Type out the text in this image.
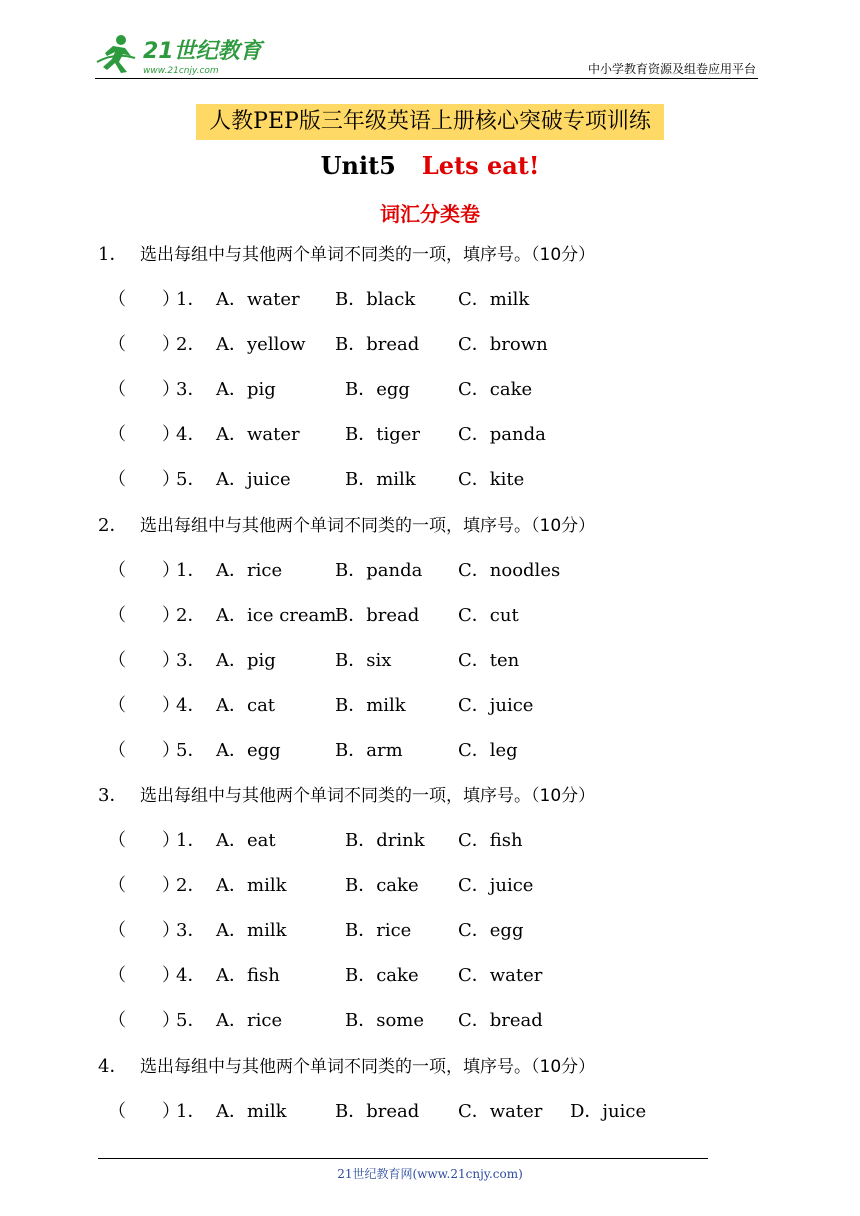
21世纪教育
www.21cnjy.com	中小学教育资源及组卷应用平台
人教PEP版三年级英语上册核心突破专项训练
Unit5 Lets eat!
词汇分类卷
1． 选出每组中与其他两个单词不同类的一项，填序号。（10分）
（ ）
1． A．water B．black C．milk
（ ）
2． A．yellow B．bread C．brown
（ ）
3． A．pig	B．egg	C．cake
（ ）
4． A．water	B．tiger C．panda
（ ）
5． A．juice	B．milk C．kite
2． 选出每组中与其他两个单词不同类的一项，填序号。（10分）
（ ）
1． A．rice	B．panda C．noodles
（ ）
2． A．ice cream
B．bread C．cut
（ ）
3． A．pig	B．six	C．ten
（ ）
4． A．cat	B．milk	C．juice
（ ）
5． A．egg	B．arm	C．leg
3． 选出每组中与其他两个单词不同类的一项，填序号。（10分）
（ ）
1． A．eat	B．drink C．fish
（ ）
2． A．milk	B．cake C．juice
（ ）
3． A．milk	B．rice	C．egg
（ ）
4． A．fish	B．cake C．water
（ ）
5． A．rice	B．some C．bread
4． 选出每组中与其他两个单词不同类的一项，填序号。（10分）
（ ）
1． A．milk	B．bread C．water D．juice
21世纪教育网(www.21cnjy.com)
